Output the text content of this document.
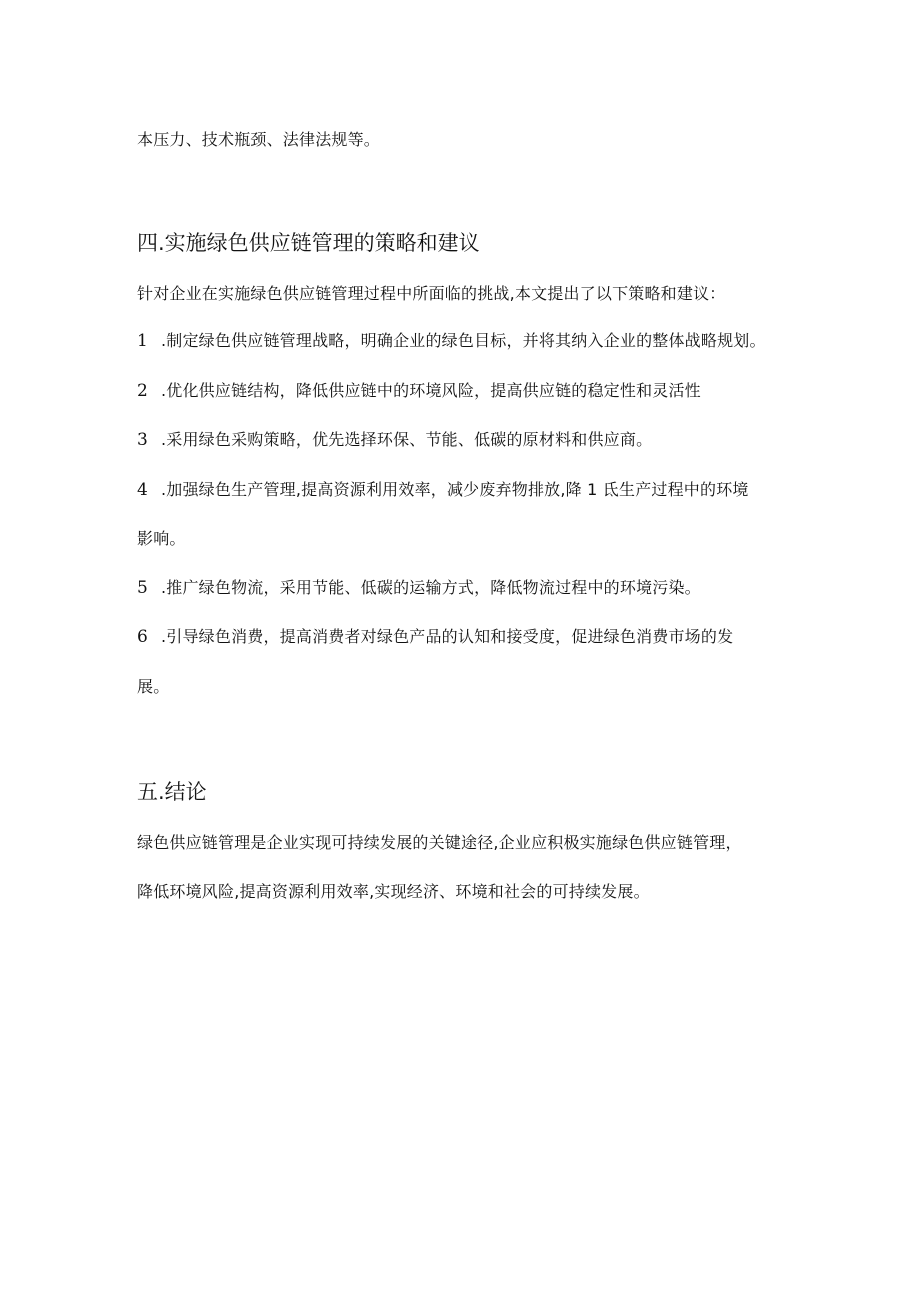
本压力、技术瓶颈、法律法规等。
四.实施绿色供应链管理的策略和建议
针对企业在实施绿色供应链管理过程中所面临的挑战,本文提出了以下策略和建议：
1 .制定绿色供应链管理战略，明确企业的绿色目标，并将其纳入企业的整体战略规划。
2 .优化供应链结构，降低供应链中的环境风险，提高供应链的稳定性和灵活性
3 .采用绿色采购策略，优先选择环保、节能、低碳的原材料和供应商。
4 .加强绿色生产管理,提高资源利用效率，减少废弃物排放,降 1 氐生产过程中的环境
影响。
5 .推广绿色物流，采用节能、低碳的运输方式，降低物流过程中的环境污染。
6 .引导绿色消费，提高消费者对绿色产品的认知和接受度，促进绿色消费市场的发
展。
五.结论
绿色供应链管理是企业实现可持续发展的关键途径,企业应积极实施绿色供应链管理，
降低环境风险,提高资源利用效率,实现经济、环境和社会的可持续发展。
